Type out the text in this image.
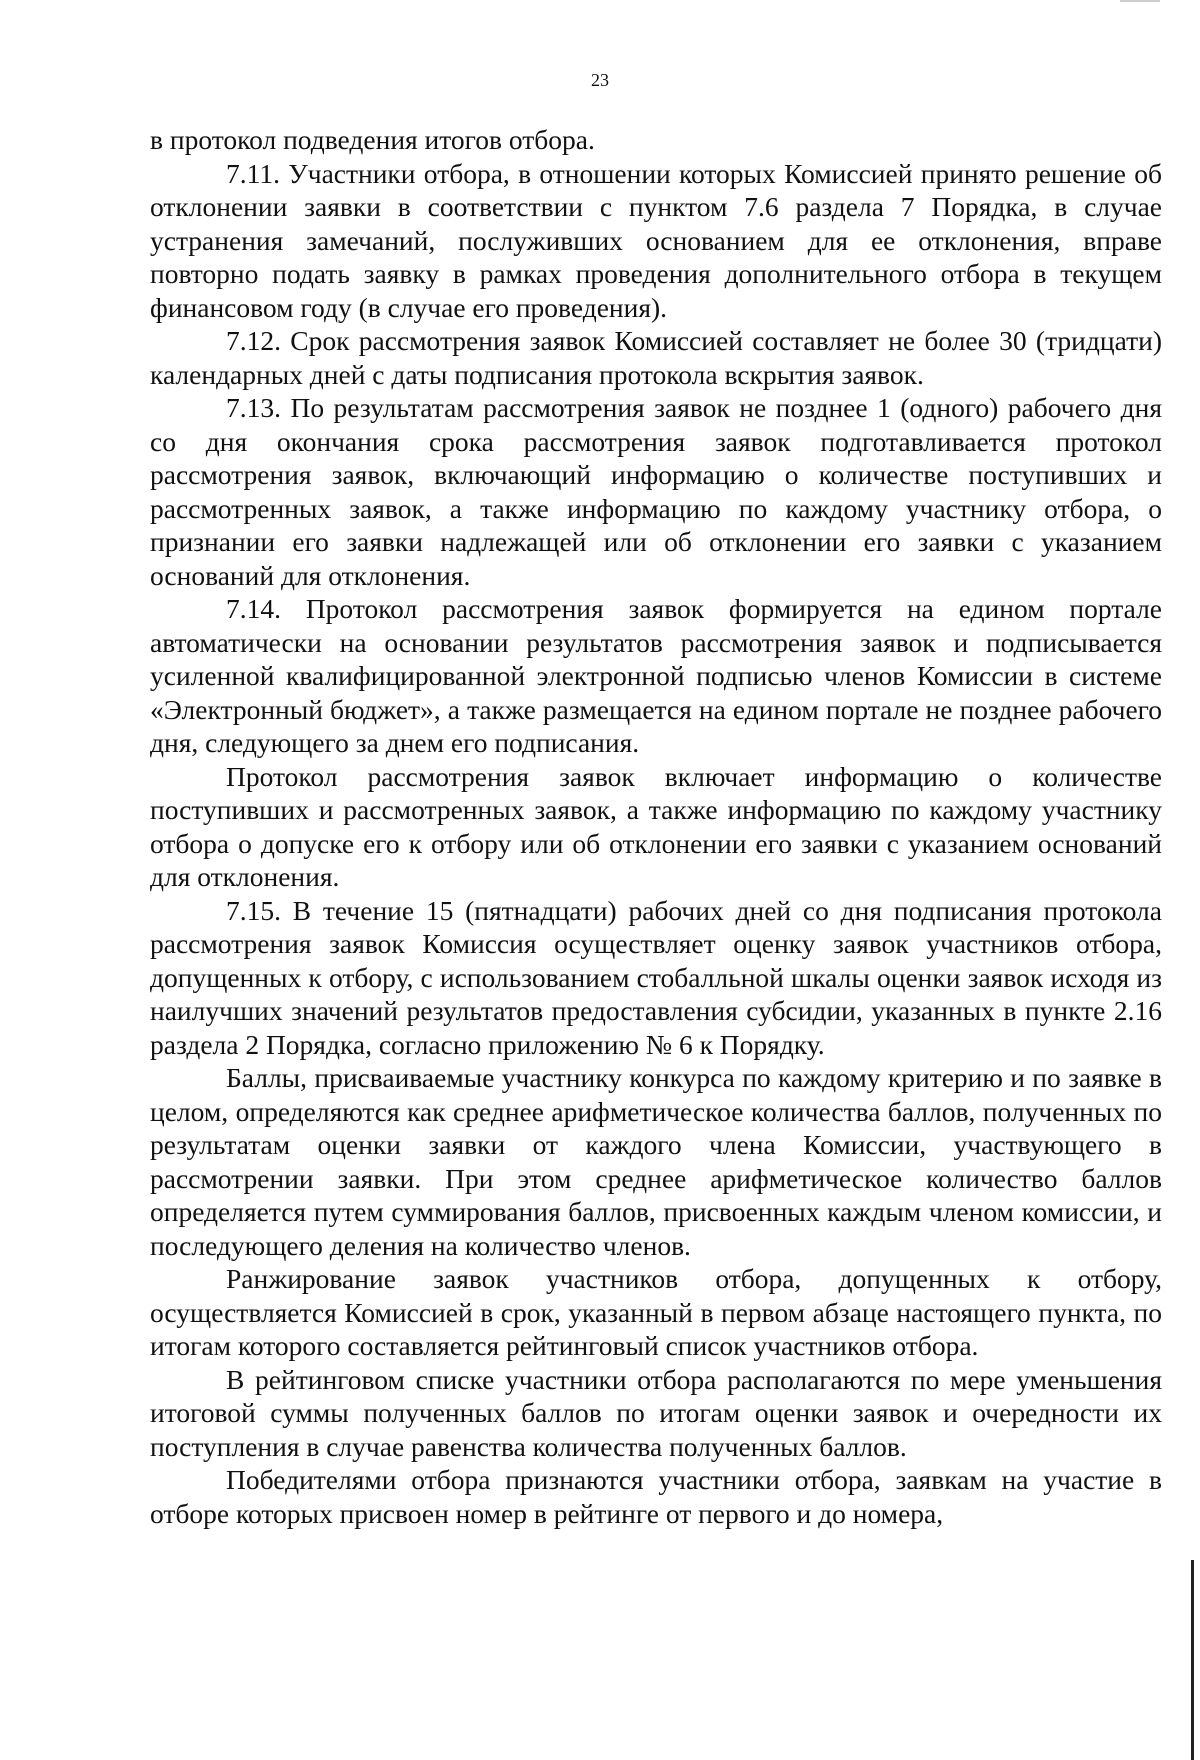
23

в протокол подведения итогов отбора.

7.11. Участники отбора, в отношении которых Комиссией принято решение об отклонении заявки в соответствии с пунктом 7.6 раздела 7 Порядка, в случае устранения замечаний, послуживших основанием для ее отклонения, вправе повторно подать заявку в рамках проведения дополнительного отбора в текущем финансовом году (в случае его проведения).

7.12. Срок рассмотрения заявок Комиссией составляет не более 30 (тридцати) календарных дней с даты подписания протокола вскрытия заявок.

7.13. По результатам рассмотрения заявок не позднее 1 (одного) рабочего дня со дня окончания срока рассмотрения заявок подготавливается протокол рассмотрения заявок, включающий информацию о количестве поступивших и рассмотренных заявок, а также информацию по каждому участнику отбора, о признании его заявки надлежащей или об отклонении его заявки с указанием оснований для отклонения.

7.14. Протокол рассмотрения заявок формируется на едином портале автоматически на основании результатов рассмотрения заявок и подписывается усиленной квалифицированной электронной подписью членов Комиссии в системе «Электронный бюджет», а также размещается на едином портале не позднее рабочего дня, следующего за днем его подписания.

Протокол рассмотрения заявок включает информацию о количестве поступивших и рассмотренных заявок, а также информацию по каждому участнику отбора о допуске его к отбору или об отклонении его заявки с указанием оснований для отклонения.

7.15. В течение 15 (пятнадцати) рабочих дней со дня подписания протокола рассмотрения заявок Комиссия осуществляет оценку заявок участников отбора, допущенных к отбору, с использованием стобалльной шкалы оценки заявок исходя из наилучших значений результатов предоставления субсидии, указанных в пункте 2.16 раздела 2 Порядка, согласно приложению № 6 к Порядку.

Баллы, присваиваемые участнику конкурса по каждому критерию и по заявке в целом, определяются как среднее арифметическое количества баллов, полученных по результатам оценки заявки от каждого члена Комиссии, участвующего в рассмотрении заявки. При этом среднее арифметическое количество баллов определяется путем суммирования баллов, присвоенных каждым членом комиссии, и последующего деления на количество членов.

Ранжирование заявок участников отбора, допущенных к отбору, осуществляется Комиссией в срок, указанный в первом абзаце настоящего пункта, по итогам которого составляется рейтинговый список участников отбора.

В рейтинговом списке участники отбора располагаются по мере уменьшения итоговой суммы полученных баллов по итогам оценки заявок и очередности их поступления в случае равенства количества полученных баллов.

Победителями отбора признаются участники отбора, заявкам на участие в отборе которых присвоен номер в рейтинге от первого и до номера,
